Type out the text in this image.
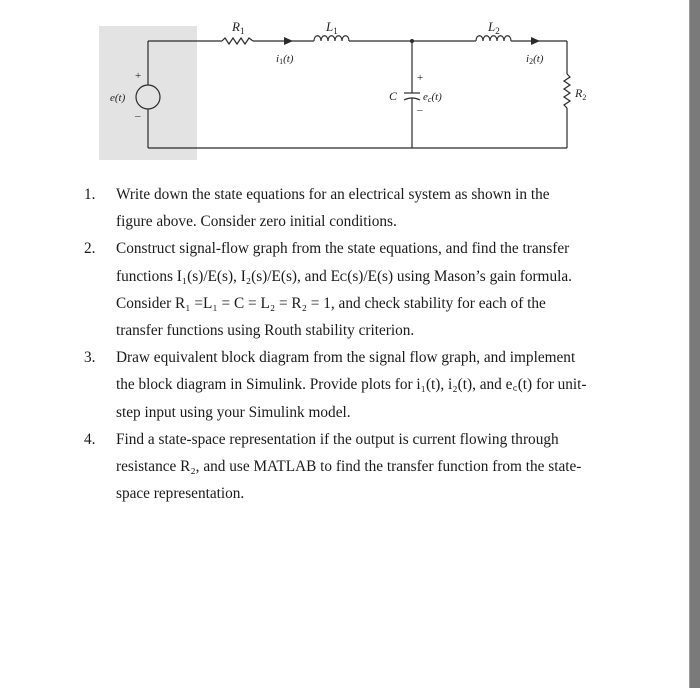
$R_1$	$L_1$	$L_2$
$R_2$
i1(t)	i2(t)
e(t)
+
–
C
+
–
ec(t)
1. Write down the state equations for an electrical system as shown in the
figure above. Consider zero initial conditions.
2. Construct signal-flow graph from the state equations, and find the transfer
functions I₁(s)/E(s), I₂(s)/E(s), and Eᴄ(s)/E(s) using Mason’s gain formula.
Consider R₁ =L₁ = C = L₂ = R₂ = 1, and check stability for each of the
transfer functions using Routh stability criterion.
3. Draw equivalent block diagram from the signal flow graph, and implement
the block diagram in Simulink. Provide plots for i₁(t), i₂(t), and e꜀(t) for unit-
step input using your Simulink model.
4. Find a state-space representation if the output is current flowing through
resistance R₂, and use MATLAB to find the transfer function from the state-
space representation.
